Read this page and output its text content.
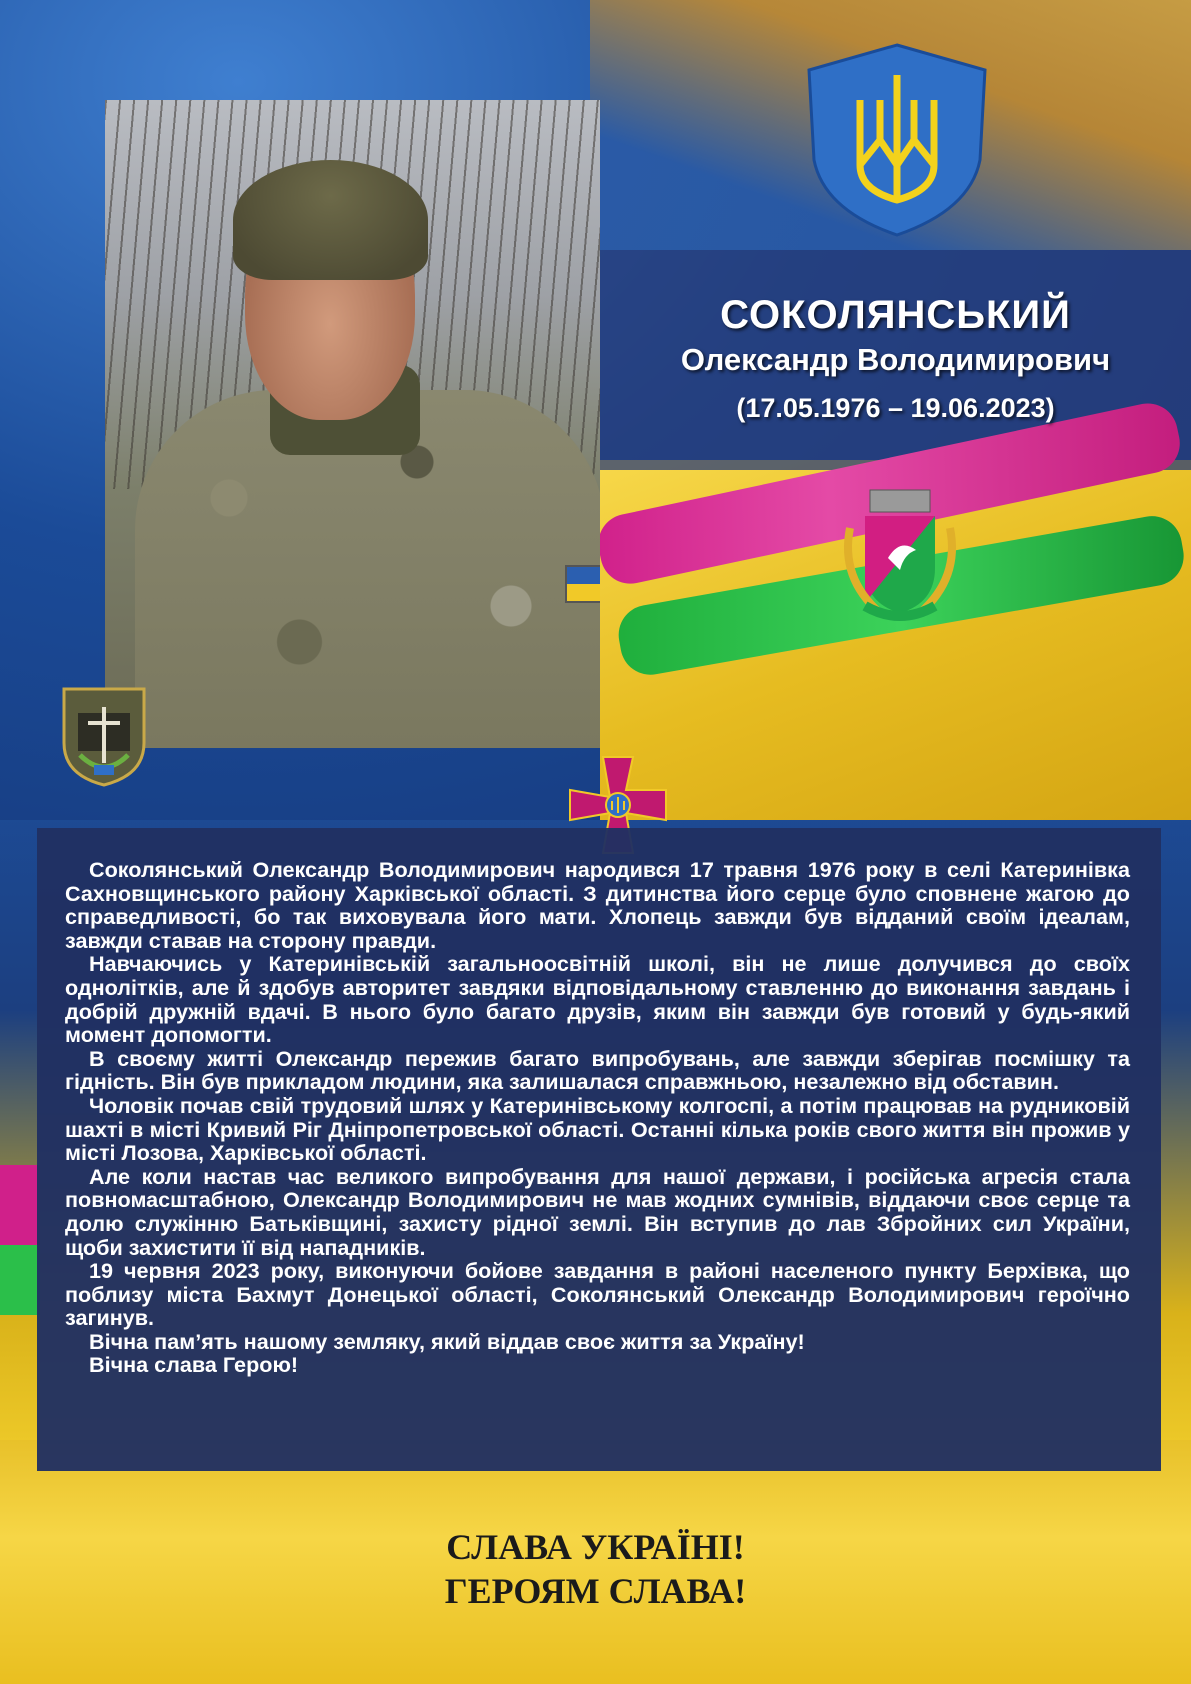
СОКОЛЯНСЬКИЙ

Олександр Володимирович

(17.05.1976 – 19.06.2023)

Соколянський Олександр Володимирович народився 17 травня 1976 року в селі Катеринівка Сахновщинського району Харківської області. З дитинства його серце було сповнене жагою до справедливості, бо так виховувала його мати. Хлопець завжди був відданий своїм ідеалам, завжди ставав на сторону правди.

Навчаючись у Катеринівській загальноосвітній школі, він не лише долучився до своїх однолітків, але й здобув авторитет завдяки відповідальному ставленню до виконання завдань і добрій дружній вдачі. В нього було багато друзів, яким він завжди був готовий у будь-який момент допомогти.

В своєму житті Олександр пережив багато випробувань, але завжди зберігав посмішку та гідність. Він був прикладом людини, яка залишалася справжньою, незалежно від обставин.

Чоловік почав свій трудовий шлях у Катеринівському колгоспі, а потім працював на рудниковій шахті в місті Кривий Ріг Дніпропетровської області. Останні кілька років свого життя він прожив у місті Лозова, Харківської області.

Але коли настав час великого випробування для нашої держави, і російська агресія стала повномасштабною, Олександр Володимирович не мав жодних сумнівів, віддаючи своє серце та долю служінню Батьківщині, захисту рідної землі. Він вступив до лав Збройних сил України, щоби захистити її від нападників.

19 червня 2023 року, виконуючи бойове завдання в районі населеного пункту Берхівка, що поблизу міста Бахмут Донецької області, Соколянський Олександр Володимирович героїчно загинув.

Вічна пам’ять нашому земляку, який віддав своє життя за Україну!

Вічна слава Герою!

СЛАВА УКРАЇНІ!
ГЕРОЯМ СЛАВА!
